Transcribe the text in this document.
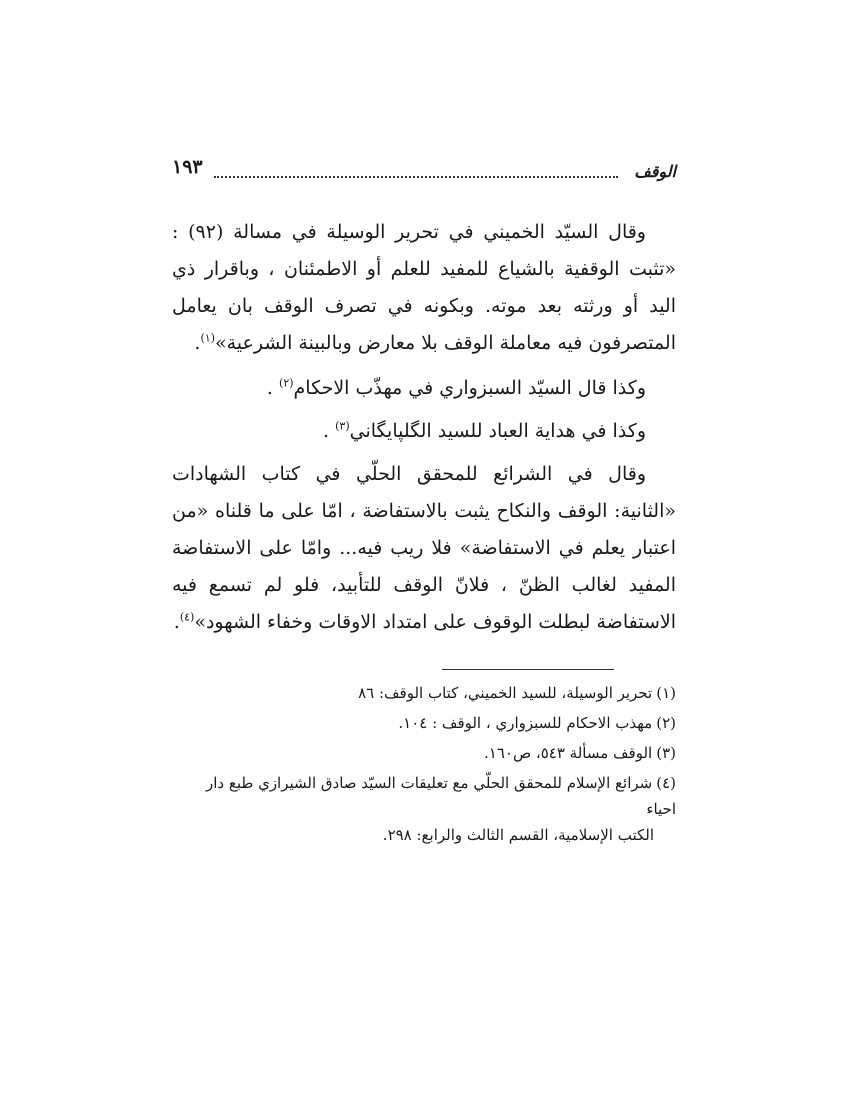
الوقف
١٩٣

وقال السيّد الخميني في تحرير الوسيلة في مسالة (٩٢) : «تثبت الوقفية بالشياع للمفيد للعلم أو الاطمئنان ، وباقرار ذي اليد أو ورثته بعد موته. وبكونه في تصرف الوقف بان يعامل المتصرفون فيه معاملة الوقف بلا معارض وبالبينة الشرعية»$^{(١)}$.

وكذا قال السيّد السبزواري في مهذّب الاحكام$^{(٢)}$ .

وكذا في هداية العباد للسيد الگلپايگاني$^{(٣)}$ .

وقال في الشرائع للمحقق الحلّي في كتاب الشهادات «الثانية: الوقف والنكاح يثبت بالاستفاضة ، امّا على ما قلناه «من اعتبار يعلم في الاستفاضة» فلا ريب فيه... وامّا على الاستفاضة المفيد لغالب الظنّ ، فلانّ الوقف للتأبيد، فلو لم تسمع فيه الاستفاضة لبطلت الوقوف على امتداد الاوقات وخفاء الشهود»$^{(٤)}$.

(١)تحرير الوسيلة، للسيد الخميني، كتاب الوقف: ٨٦
(٢)مهذب الاحكام للسبزواري ، الوقف : ١٠٤.
(٣)الوقف مسألة ٥٤٣، ص١٦٠.
(٤)شرائع الإسلام للمحقق الحلّي مع تعليقات السيّد صادق الشيرازي طبع دار احياء
الكتب الإسلامية، القسم الثالث والرابع: ٢٩٨.
